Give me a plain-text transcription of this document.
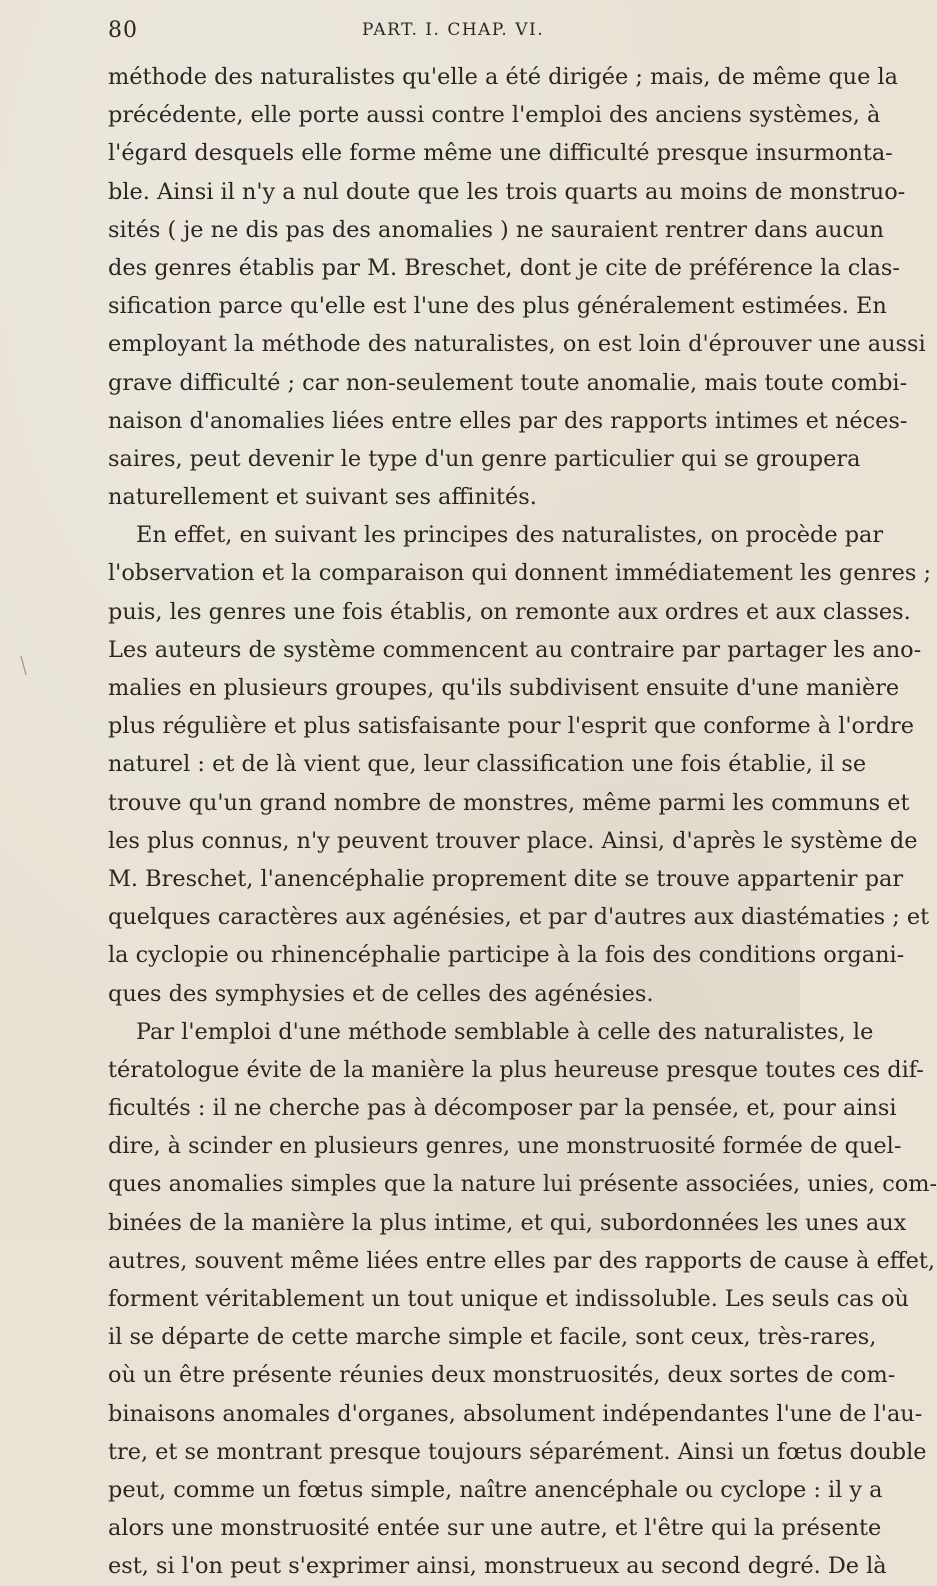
80	PART. I. CHAP. VI.
méthode des naturalistes qu'elle a été dirigée ; mais, de même que la
précédente, elle porte aussi contre l'emploi des anciens systèmes, à
l'égard desquels elle forme même une difficulté presque insurmonta-
ble. Ainsi il n'y a nul doute que les trois quarts au moins de monstruo-
sités ( je ne dis pas des anomalies ) ne sauraient rentrer dans aucun
des genres établis par M. Breschet, dont je cite de préférence la clas-
sification parce qu'elle est l'une des plus généralement estimées. En
employant la méthode des naturalistes, on est loin d'éprouver une aussi
grave difficulté ; car non-seulement toute anomalie, mais toute combi-
naison d'anomalies liées entre elles par des rapports intimes et néces-
saires, peut devenir le type d'un genre particulier qui se groupera
naturellement et suivant ses affinités.
En effet, en suivant les principes des naturalistes, on procède par
l'observation et la comparaison qui donnent immédiatement les genres ;
puis, les genres une fois établis, on remonte aux ordres et aux classes.
Les auteurs de système commencent au contraire par partager les ano-
malies en plusieurs groupes, qu'ils subdivisent ensuite d'une manière
plus régulière et plus satisfaisante pour l'esprit que conforme à l'ordre
naturel : et de là vient que, leur classification une fois établie, il se
trouve qu'un grand nombre de monstres, même parmi les communs et
les plus connus, n'y peuvent trouver place. Ainsi, d'après le système de
M. Breschet, l'anencéphalie proprement dite se trouve appartenir par
quelques caractères aux agénésies, et par d'autres aux diastématies ; et
la cyclopie ou rhinencéphalie participe à la fois des conditions organi-
ques des symphysies et de celles des agénésies.
Par l'emploi d'une méthode semblable à celle des naturalistes, le
tératologue évite de la manière la plus heureuse presque toutes ces dif-
ficultés : il ne cherche pas à décomposer par la pensée, et, pour ainsi
dire, à scinder en plusieurs genres, une monstruosité formée de quel-
ques anomalies simples que la nature lui présente associées, unies, com-
binées de la manière la plus intime, et qui, subordonnées les unes aux
autres, souvent même liées entre elles par des rapports de cause à effet,
forment véritablement un tout unique et indissoluble. Les seuls cas où
il se départe de cette marche simple et facile, sont ceux, très-rares,
où un être présente réunies deux monstruosités, deux sortes de com-
binaisons anomales d'organes, absolument indépendantes l'une de l'au-
tre, et se montrant presque toujours séparément. Ainsi un fœtus double
peut, comme un fœtus simple, naître anencéphale ou cyclope : il y a
alors une monstruosité entée sur une autre, et l'être qui la présente
est, si l'on peut s'exprimer ainsi, monstrueux au second degré. De là
